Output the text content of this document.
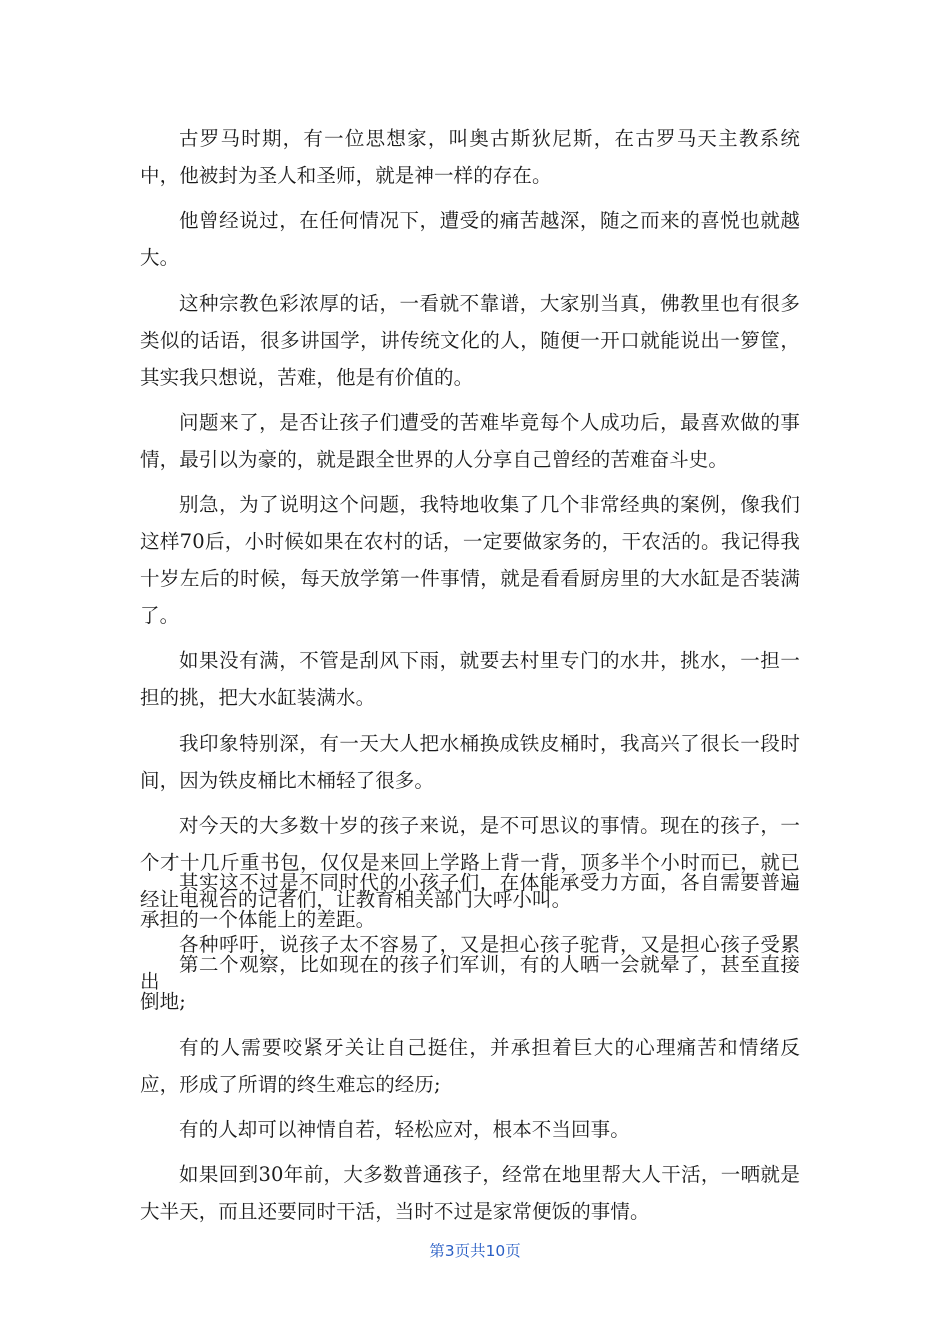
古罗马时期，有一位思想家，叫奥古斯狄尼斯，在古罗马天主教系统中，他被封为圣人和圣师，就是神一样的存在。

他曾经说过，在任何情况下，遭受的痛苦越深，随之而来的喜悦也就越大。

这种宗教色彩浓厚的话，一看就不靠谱，大家别当真，佛教里也有很多类似的话语，很多讲国学，讲传统文化的人，随便一开口就能说出一箩筐，其实我只想说，苦难，他是有价值的。

问题来了，是否让孩子们遭受的苦难毕竟每个人成功后，最喜欢做的事情，最引以为豪的，就是跟全世界的人分享自己曾经的苦难奋斗史。

别急，为了说明这个问题，我特地收集了几个非常经典的案例，像我们这样70后，小时候如果在农村的话，一定要做家务的，干农活的。我记得我十岁左后的时候，每天放学第一件事情，就是看看厨房里的大水缸是否装满了。

如果没有满，不管是刮风下雨，就要去村里专门的水井，挑水，一担一担的挑，把大水缸装满水。

我印象特别深，有一天大人把水桶换成铁皮桶时，我高兴了很长一段时间，因为铁皮桶比木桶轻了很多。

对今天的大多数十岁的孩子来说，是不可思议的事情。现在的孩子，一个才十几斤重书包，仅仅是来回上学路上背一背，顶多半个小时而已，就已经让电视台的记者们，让教育相关部门大呼小叫。

各种呼吁，说孩子太不容易了，又是担心孩子驼背，又是担心孩子受累出

其实这不过是不同时代的小孩子们，在体能承受力方面，各自需要普遍承担的一个体能上的差距。

第二个观察，比如现在的孩子们军训，有的人晒一会就晕了，甚至直接倒地;

有的人需要咬紧牙关让自己挺住，并承担着巨大的心理痛苦和情绪反应，形成了所谓的终生难忘的经历;

有的人却可以神情自若，轻松应对，根本不当回事。

如果回到30年前，大多数普通孩子，经常在地里帮大人干活，一晒就是大半天，而且还要同时干活，当时不过是家常便饭的事情。

第3页共10页
